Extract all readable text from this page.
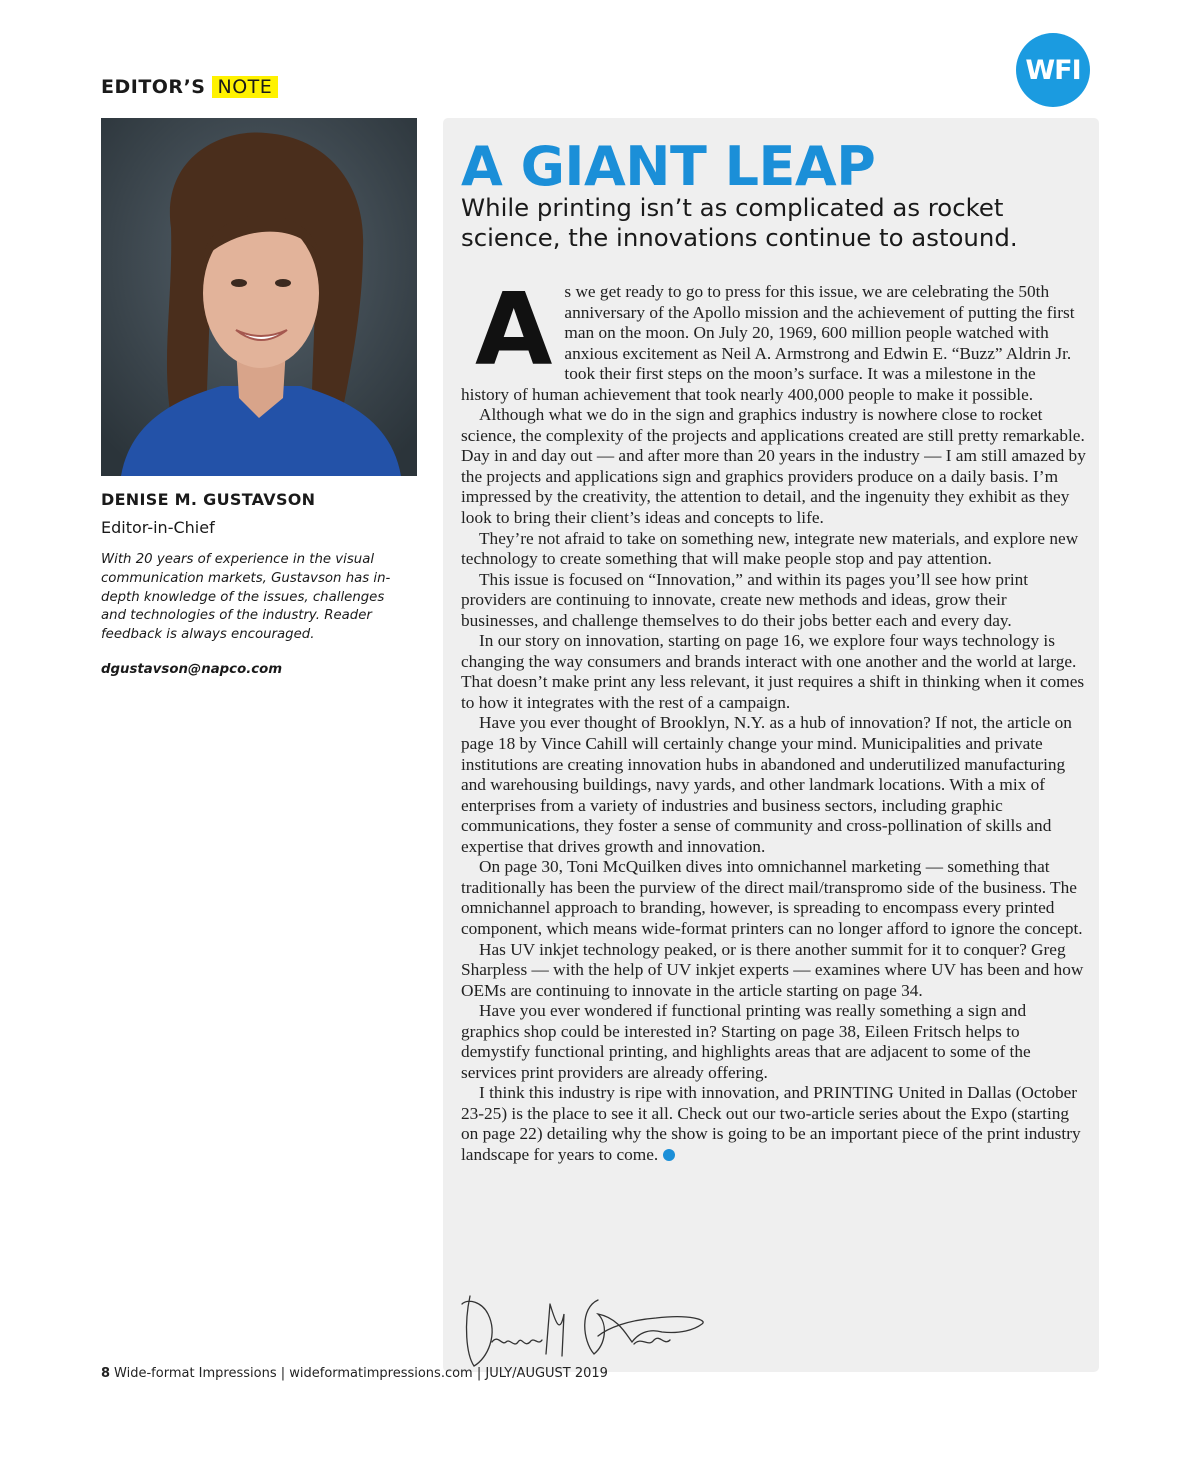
EDITOR’S NOTE
WFI
DENISE M. GUSTAVSON
Editor-in-Chief
With 20 years of experience in the visual communication markets, Gustavson has in-depth knowledge of the issues, challenges and technologies of the industry. Reader feedback is always encouraged.
dgustavson@napco.com
A GIANT LEAP
While printing isn’t as complicated as rocket science, the innovations continue to astound.

As we get ready to go to press for this issue, we are celebrating the 50th anniversary of the Apollo mission and the achievement of putting the first man on the moon. On July 20, 1969, 600 million people watched with anxious excitement as Neil A. Armstrong and Edwin E. “Buzz” Aldrin Jr. took their first steps on the moon’s surface. It was a milestone in the history of human achievement that took nearly 400,000 people to make it possible.

Although what we do in the sign and graphics industry is nowhere close to rocket science, the complexity of the projects and applications created are still pretty remarkable. Day in and day out — and after more than 20 years in the industry — I am still amazed by the projects and applications sign and graphics providers produce on a daily basis. I’m impressed by the creativity, the attention to detail, and the ingenuity they exhibit as they look to bring their client’s ideas and concepts to life.

They’re not afraid to take on something new, integrate new materials, and explore new technology to create something that will make people stop and pay attention.

This issue is focused on “Innovation,” and within its pages you’ll see how print providers are continuing to innovate, create new methods and ideas, grow their businesses, and challenge themselves to do their jobs better each and every day.

In our story on innovation, starting on page 16, we explore four ways technology is changing the way consumers and brands interact with one another and the world at large. That doesn’t make print any less relevant, it just requires a shift in thinking when it comes to how it integrates with the rest of a campaign.

Have you ever thought of Brooklyn, N.Y. as a hub of innovation? If not, the article on page 18 by Vince Cahill will certainly change your mind. Municipalities and private institutions are creating innovation hubs in abandoned and underutilized manufacturing and warehousing buildings, navy yards, and other landmark locations. With a mix of enterprises from a variety of industries and business sectors, including graphic communications, they foster a sense of community and cross-pollination of skills and expertise that drives growth and innovation.

On page 30, Toni McQuilken dives into omnichannel marketing — something that traditionally has been the purview of the direct mail/transpromo side of the business. The omnichannel approach to branding, however, is spreading to encompass every printed component, which means wide-format printers can no longer afford to ignore the concept.

Has UV inkjet technology peaked, or is there another summit for it to conquer? Greg Sharpless — with the help of UV inkjet experts — examines where UV has been and how OEMs are continuing to innovate in the article starting on page 34.

Have you ever wondered if functional printing was really something a sign and graphics shop could be interested in? Starting on page 38, Eileen Fritsch helps to demystify functional printing, and highlights areas that are adjacent to some of the services print providers are already offering.

I think this industry is ripe with innovation, and PRINTING United in Dallas (October 23-25) is the place to see it all. Check out our two-article series about the Expo (starting on page 22) detailing why the show is going to be an important piece of the print industry landscape for years to come.

8 Wide-format Impressions | wideformatimpressions.com | JULY/AUGUST 2019
